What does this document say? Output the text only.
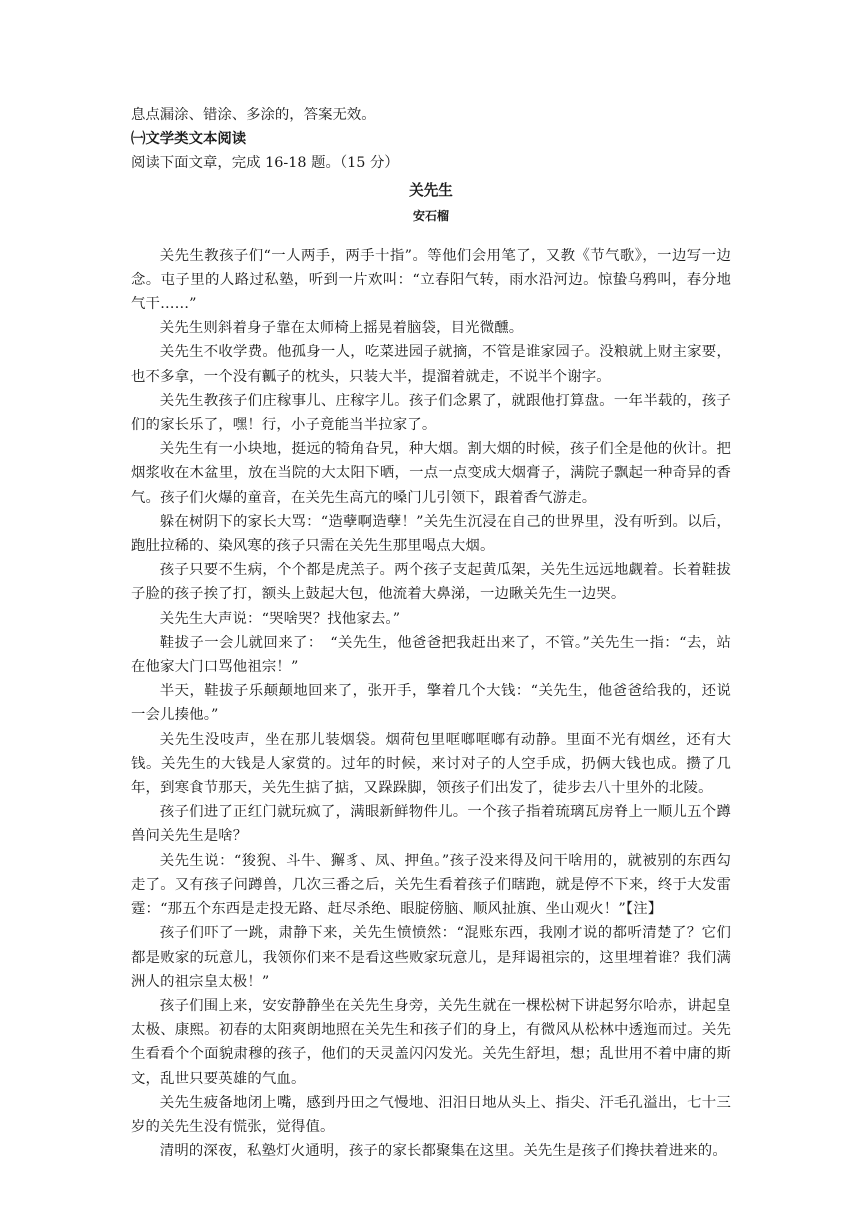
息点漏涂、错涂、多涂的，答案无效。
㈠文学类文本阅读
阅读下面文章，完成 16-18 题。（15 分）
关先生
安石榴

关先生教孩子们“一人两手，两手十指”。等他们会用笔了，又教《节气歌》，一边写一边念。屯子里的人路过私塾，听到一片欢叫：“立春阳气转，雨水沿河边。惊蛰乌鸦叫，春分地气干……”

关先生则斜着身子靠在太师椅上摇晃着脑袋，目光微醺。

关先生不收学费。他孤身一人，吃菜进园子就摘，不管是谁家园子。没粮就上财主家要，也不多拿，一个没有瓤子的枕头，只装大半，提溜着就走，不说半个谢字。

关先生教孩子们庄稼事儿、庄稼字儿。孩子们念累了，就跟他打算盘。一年半载的，孩子们的家长乐了，嘿！行，小子竟能当半拉家了。

关先生有一小块地，挺远的犄角旮旯，种大烟。割大烟的时候，孩子们全是他的伙计。把烟浆收在木盆里，放在当院的大太阳下晒，一点一点变成大烟膏子，满院子飘起一种奇异的香气。孩子们火爆的童音，在关先生高亢的嗓门儿引领下，跟着香气游走。

躲在树阴下的家长大骂：“造孽啊造孽！”关先生沉浸在自己的世界里，没有听到。以后，跑肚拉稀的、染风寒的孩子只需在关先生那里喝点大烟。

孩子只要不生病，个个都是虎羔子。两个孩子支起黄瓜架，关先生远远地觑着。长着鞋拔子脸的孩子挨了打，额头上鼓起大包，他流着大鼻涕，一边瞅关先生一边哭。

关先生大声说：“哭啥哭？找他家去。”

鞋拔子一会儿就回来了：　“关先生，他爸爸把我赶出来了，不管。”关先生一指：“去，站在他家大门口骂他祖宗！”

半天，鞋拔子乐颠颠地回来了，张开手，擎着几个大钱：“关先生，他爸爸给我的，还说一会儿揍他。”

关先生没吱声，坐在那儿装烟袋。烟荷包里哐啷哐啷有动静。里面不光有烟丝，还有大钱。关先生的大钱是人家赏的。过年的时候，来讨对子的人空手成，扔俩大钱也成。攒了几年，到寒食节那天，关先生掂了掂，又跺跺脚，领孩子们出发了，徒步去八十里外的北陵。

孩子们进了正红门就玩疯了，满眼新鲜物件儿。一个孩子指着琉璃瓦房脊上一顺儿五个蹲兽问关先生是啥？

关先生说：“狻猊、斗牛、獬豸、凤、押鱼。”孩子没来得及问干啥用的，就被别的东西勾走了。又有孩子问蹲兽，几次三番之后，关先生看着孩子们瞎跑，就是停不下来，终于大发雷霆：“那五个东西是走投无路、赶尽杀绝、眼腚傍脑、顺风扯旗、坐山观火！”【注】

孩子们吓了一跳，肃静下来，关先生愤愤然：“混账东西，我刚才说的都听清楚了？它们都是败家的玩意儿，我领你们来不是看这些败家玩意儿，是拜谒祖宗的，这里埋着谁？我们满洲人的祖宗皇太极！”

孩子们围上来，安安静静坐在关先生身旁，关先生就在一棵松树下讲起努尔哈赤，讲起皇太极、康熙。初春的太阳爽朗地照在关先生和孩子们的身上，有微风从松林中透迤而过。关先生看看个个面貌肃穆的孩子，他们的天灵盖闪闪发光。关先生舒坦，想；乱世用不着中庸的斯文，乱世只要英雄的气血。

关先生疲备地闭上嘴，感到丹田之气慢地、汨汨日地从头上、指尖、汗毛孔溢出，七十三岁的关先生没有慌张，觉得值。

清明的深夜，私塾灯火通明，孩子的家长都聚集在这里。关先生是孩子们搀扶着进来的。
